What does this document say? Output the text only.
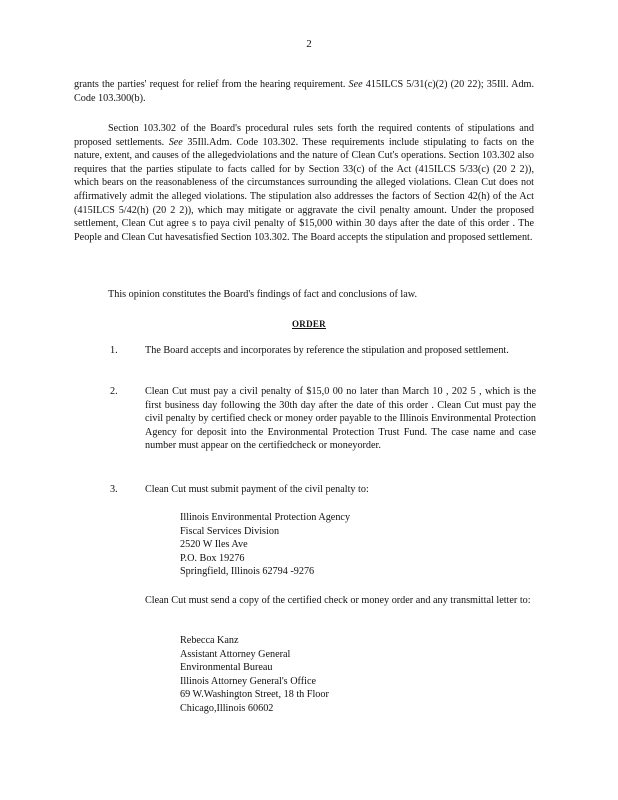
2

grants the parties' request for relief from the hearing requirement. See 415ILCS 5/31(c)(2) (20 22); 35Ill. Adm. Code 103.300(b).

Section 103.302 of the Board's procedural rules sets forth the required contents of stipulations and proposed settlements. See 35Ill.Adm. Code 103.302. These requirements include stipulating to facts on the nature, extent, and causes of the allegedviolations and the nature of Clean Cut's operations. Section 103.302 also requires that the parties stipulate to facts called for by Section 33(c) of the Act (415ILCS 5/33(c) (20 2 2)), which bears on the reasonableness of the circumstances surrounding the alleged violations. Clean Cut does not affirmatively admit the alleged violations. The stipulation also addresses the factors of Section 42(h) of the Act (415ILCS 5/42(h) (20 2 2)), which may mitigate or aggravate the civil penalty amount. Under the proposed settlement, Clean Cut agree s to paya civil penalty of $15,000 within 30 days after the date of this order . The People and Clean Cut havesatisfied Section 103.302. The Board accepts the stipulation and proposed settlement.

This opinion constitutes the Board's findings of fact and conclusions of law.

ORDER
1.	The Board accepts and incorporates by reference the stipulation and proposed settlement.

2.	Clean Cut must pay a civil penalty of $15,0 00 no later than March 10 , 202 5 , which is the first business day following the 30th day after the date of this order . Clean Cut must pay the civil penalty by certified check or money order payable to the Illinois Environmental Protection Agency for deposit into the Environmental Protection Trust Fund. The case name and case number must appear on the certifiedcheck or moneyorder.

3.	Clean Cut must submit payment of the civil penalty to:

Illinois Environmental Protection Agency
Fiscal Services Division
2520 W Iles Ave
P.O. Box 19276
Springfield, Illinois 62794 -9276

Clean Cut must send a copy of the certified check or money order and any transmittal letter to:

Rebecca Kanz
Assistant Attorney General
Environmental Bureau
Illinois Attorney General's Office
69 W.Washington Street, 18 th Floor
Chicago,Illinois 60602
